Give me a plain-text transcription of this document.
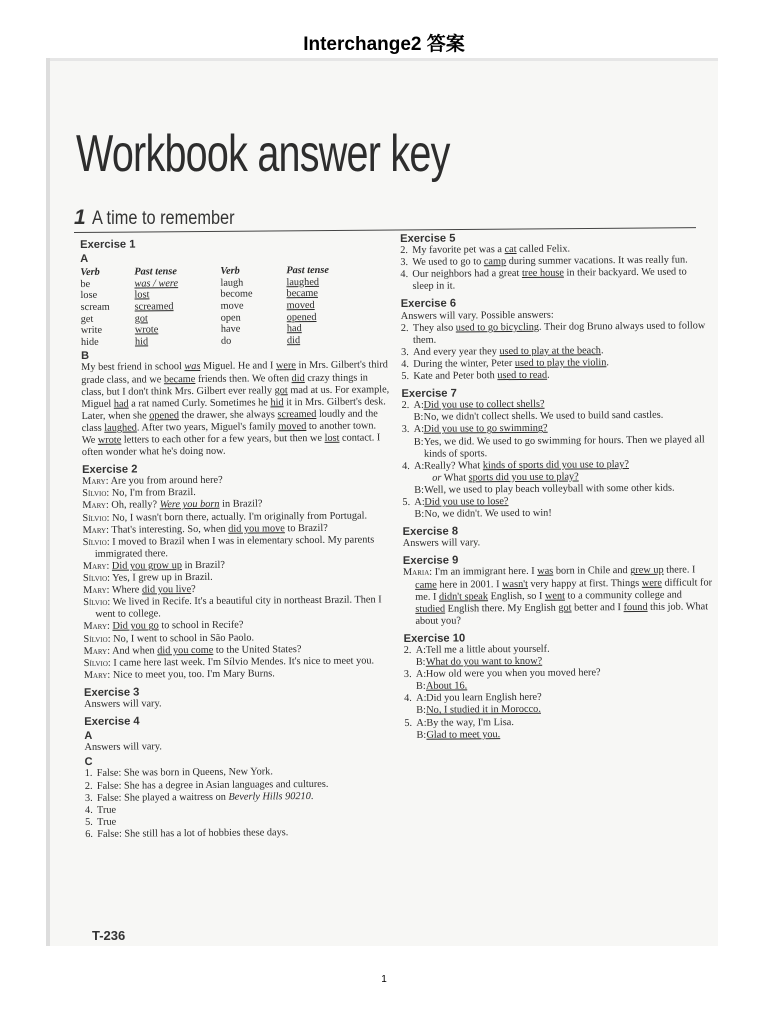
Interchange2 答案
Workbook answer key
1 A time to remember
Exercise 1
A
Verb	Past tense	Verb	Past tense
be	was / were	laugh	laughed
lose	lost	become	became
scream	screamed	move	moved
get	got	open	opened
write	wrote	have	had
hide	hid	do	did
B

My best friend in school was Miguel. He and I were in Mrs. Gilbert's third grade class, and we became friends then. We often did crazy things in class, but I don't think Mrs. Gilbert ever really got mad at us. For example, Miguel had a rat named Curly. Sometimes he hid it in Mrs. Gilbert's desk. Later, when she opened the drawer, she always screamed loudly and the class laughed. After two years, Miguel's family moved to another town. We wrote letters to each other for a few years, but then we lost contact. I often wonder what he's doing now.

Exercise 2

Mary: Are you from around here?

Sílvio: No, I'm from Brazil.

Mary: Oh, really? Were you born in Brazil?

Sílvio: No, I wasn't born there, actually. I'm originally from Portugal.

Mary: That's interesting. So, when did you move to Brazil?

Sílvio: I moved to Brazil when I was in elementary school. My parents immigrated there.

Mary: Did you grow up in Brazil?

Sílvio: Yes, I grew up in Brazil.

Mary: Where did you live?

Sílvio: We lived in Recife. It's a beautiful city in northeast Brazil. Then I went to college.

Mary: Did you go to school in Recife?

Sílvio: No, I went to school in São Paolo.

Mary: And when did you come to the United States?

Sílvio: I came here last week. I'm Sílvio Mendes. It's nice to meet you.

Mary: Nice to meet you, too. I'm Mary Burns.

Exercise 3

Answers will vary.

Exercise 4
A

Answers will vary.

C
1. False: She was born in Queens, New York.
2. False: She has a degree in Asian languages and cultures.
3. False: She played a waitress on Beverly Hills 90210.
4. True
5. True
6. False: She still has a lot of hobbies these days.
Exercise 5
2. My favorite pet was a cat called Felix.
3. We used to go to camp during summer vacations. It was really fun.
4. Our neighbors had a great tree house in their backyard. We used to sleep in it.
Exercise 6

Answers will vary. Possible answers:

2. They also used to go bicycling. Their dog Bruno always used to follow them.
3. And every year they used to play at the beach.
4. During the winter, Peter used to play the violin.
5. Kate and Peter both used to read.
Exercise 7
2. A: Did you use to collect shells?
B: No, we didn't collect shells. We used to build sand castles.
3. A: Did you use to go swimming?
B: Yes, we did. We used to go swimming for hours. Then we played all kinds of sports.
4. A: Really? What kinds of sports did you use to play?
or What sports did you use to play?
B: Well, we used to play beach volleyball with some other kids.
5. A: Did you use to lose?
B: No, we didn't. We used to win!
Exercise 8

Answers will vary.

Exercise 9

Maria: I'm an immigrant here. I was born in Chile and grew up there. I came here in 2001. I wasn't very happy at first. Things were difficult for me. I didn't speak English, so I went to a community college and studied English there. My English got better and I found this job. What about you?

Exercise 10
2. A: Tell me a little about yourself.
B: What do you want to know?
3. A: How old were you when you moved here?
B: About 16.
4. A: Did you learn English here?
B: No, I studied it in Morocco.
5. A: By the way, I'm Lisa.
B: Glad to meet you.
T-236
1
